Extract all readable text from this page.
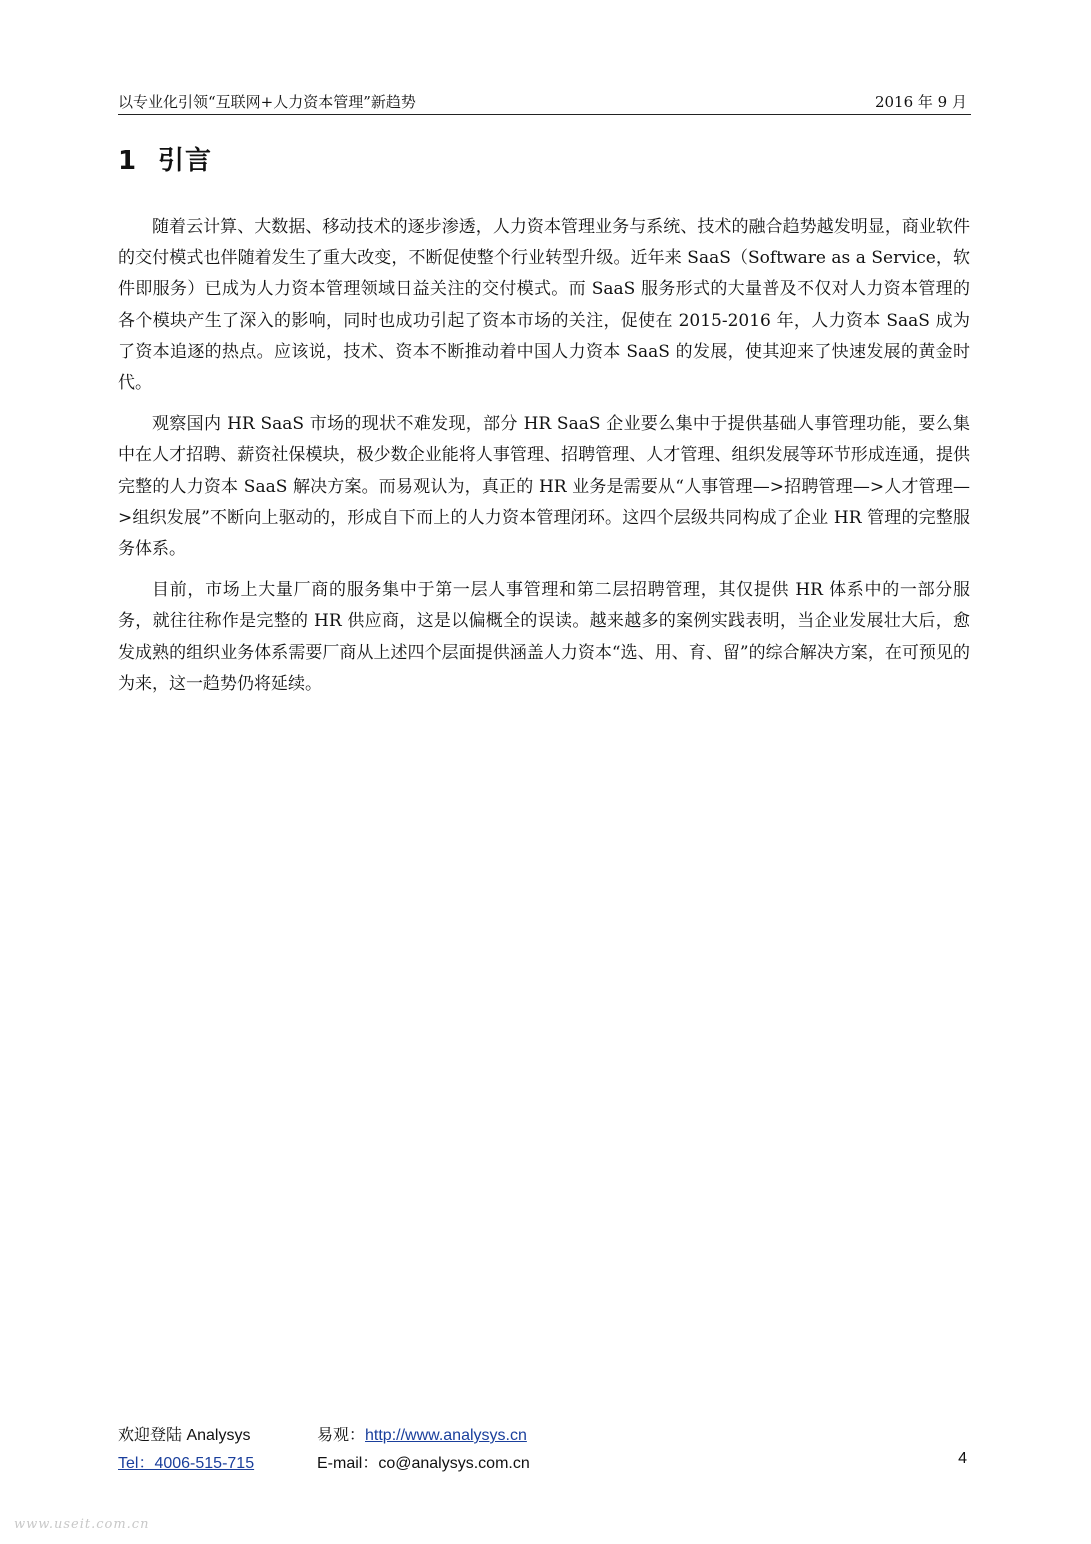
以专业化引领“互联网+人力资本管理”新趋势	2016 年 9 月
1 引言

随着云计算、大数据、移动技术的逐步渗透，人力资本管理业务与系统、技术的融合趋势越发明显，商业软件的交付模式也伴随着发生了重大改变，不断促使整个行业转型升级。近年来 SaaS（Software as a Service，软件即服务）已成为人力资本管理领域日益关注的交付模式。而 SaaS 服务形式的大量普及不仅对人力资本管理的各个模块产生了深入的影响，同时也成功引起了资本市场的关注，促使在 2015-2016 年，人力资本 SaaS 成为了资本追逐的热点。应该说，技术、资本不断推动着中国人力资本 SaaS 的发展，使其迎来了快速发展的黄金时代。

观察国内 HR SaaS 市场的现状不难发现，部分 HR SaaS 企业要么集中于提供基础人事管理功能，要么集中在人才招聘、薪资社保模块，极少数企业能将人事管理、招聘管理、人才管理、组织发展等环节形成连通，提供完整的人力资本 SaaS 解决方案。而易观认为，真正的 HR 业务是需要从“人事管理—>招聘管理—>人才管理—>组织发展”不断向上驱动的，形成自下而上的人力资本管理闭环。这四个层级共同构成了企业 HR 管理的完整服务体系。

目前，市场上大量厂商的服务集中于第一层人事管理和第二层招聘管理，其仅提供 HR 体系中的一部分服务，就往往称作是完整的 HR 供应商，这是以偏概全的误读。越来越多的案例实践表明，当企业发展壮大后，愈发成熟的组织业务体系需要厂商从上述四个层面提供涵盖人力资本“选、用、育、留”的综合解决方案，在可预见的为来，这一趋势仍将延续。

欢迎登陆 Analysys	易观：http://www.analysys.cn
Tel：4006-515-715	E-mail：co@analysys.com.cn	4
www.useit.com.cn
